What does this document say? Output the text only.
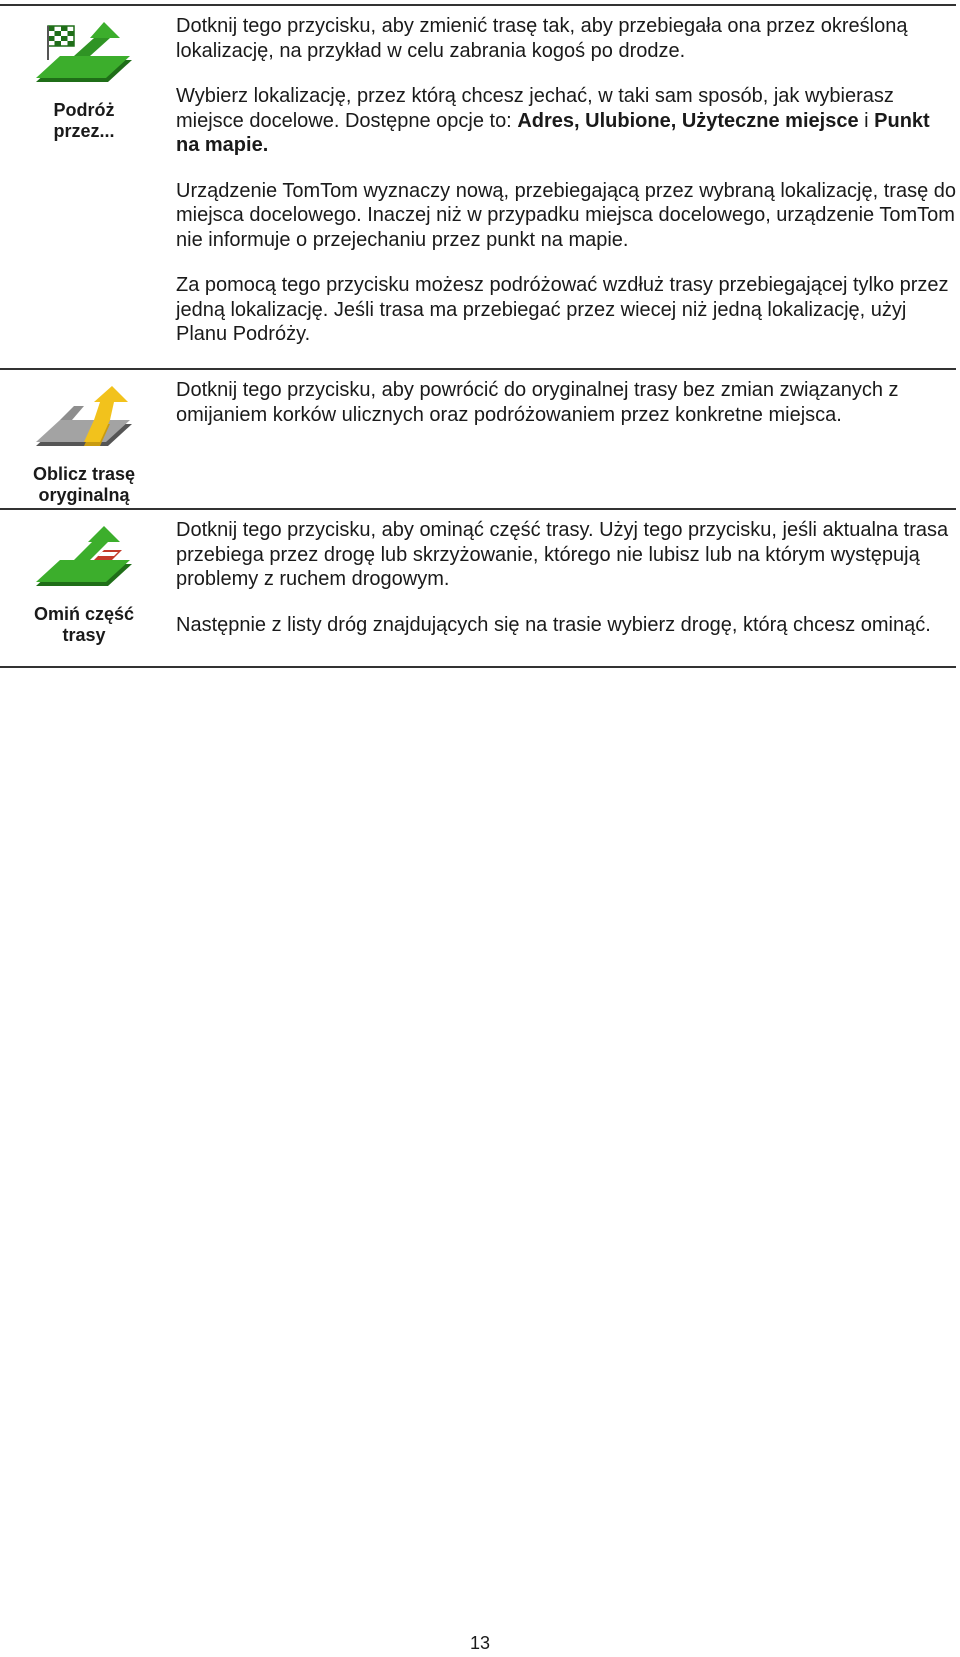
Podróż
przez...

Dotknij tego przycisku, aby zmienić trasę tak, aby przebiegała ona przez określoną lokalizację, na przykład w celu zabrania kogoś po drodze.

Wybierz lokalizację, przez którą chcesz jechać, w taki sam sposób, jak wybierasz miejsce docelowe. Dostępne opcje to: Adres, Ulubione, Użyteczne miejsce i Punkt na mapie.

Urządzenie TomTom wyznaczy nową, przebiegającą przez wybraną lokalizację, trasę do miejsca docelowego. Inaczej niż w przypadku miejsca docelowego, urządzenie TomTom nie informuje o przejechaniu przez punkt na mapie.

Za pomocą tego przycisku możesz podróżować wzdłuż trasy przebiegającej tylko przez jedną lokalizację. Jeśli trasa ma przebiegać przez wiecej niż jedną lokalizację, użyj Planu Podróży.

Oblicz trasę
oryginalną

Dotknij tego przycisku, aby powrócić do oryginalnej trasy bez zmian związanych z omijaniem korków ulicznych oraz podróżowaniem przez konkretne miejsca.

Omiń część
trasy

Dotknij tego przycisku, aby ominąć część trasy. Użyj tego przycisku, jeśli aktualna trasa przebiega przez drogę lub skrzyżowanie, którego nie lubisz lub na którym występują problemy z ruchem drogowym.

Następnie z listy dróg znajdujących się na trasie wybierz drogę, którą chcesz ominąć.

13
